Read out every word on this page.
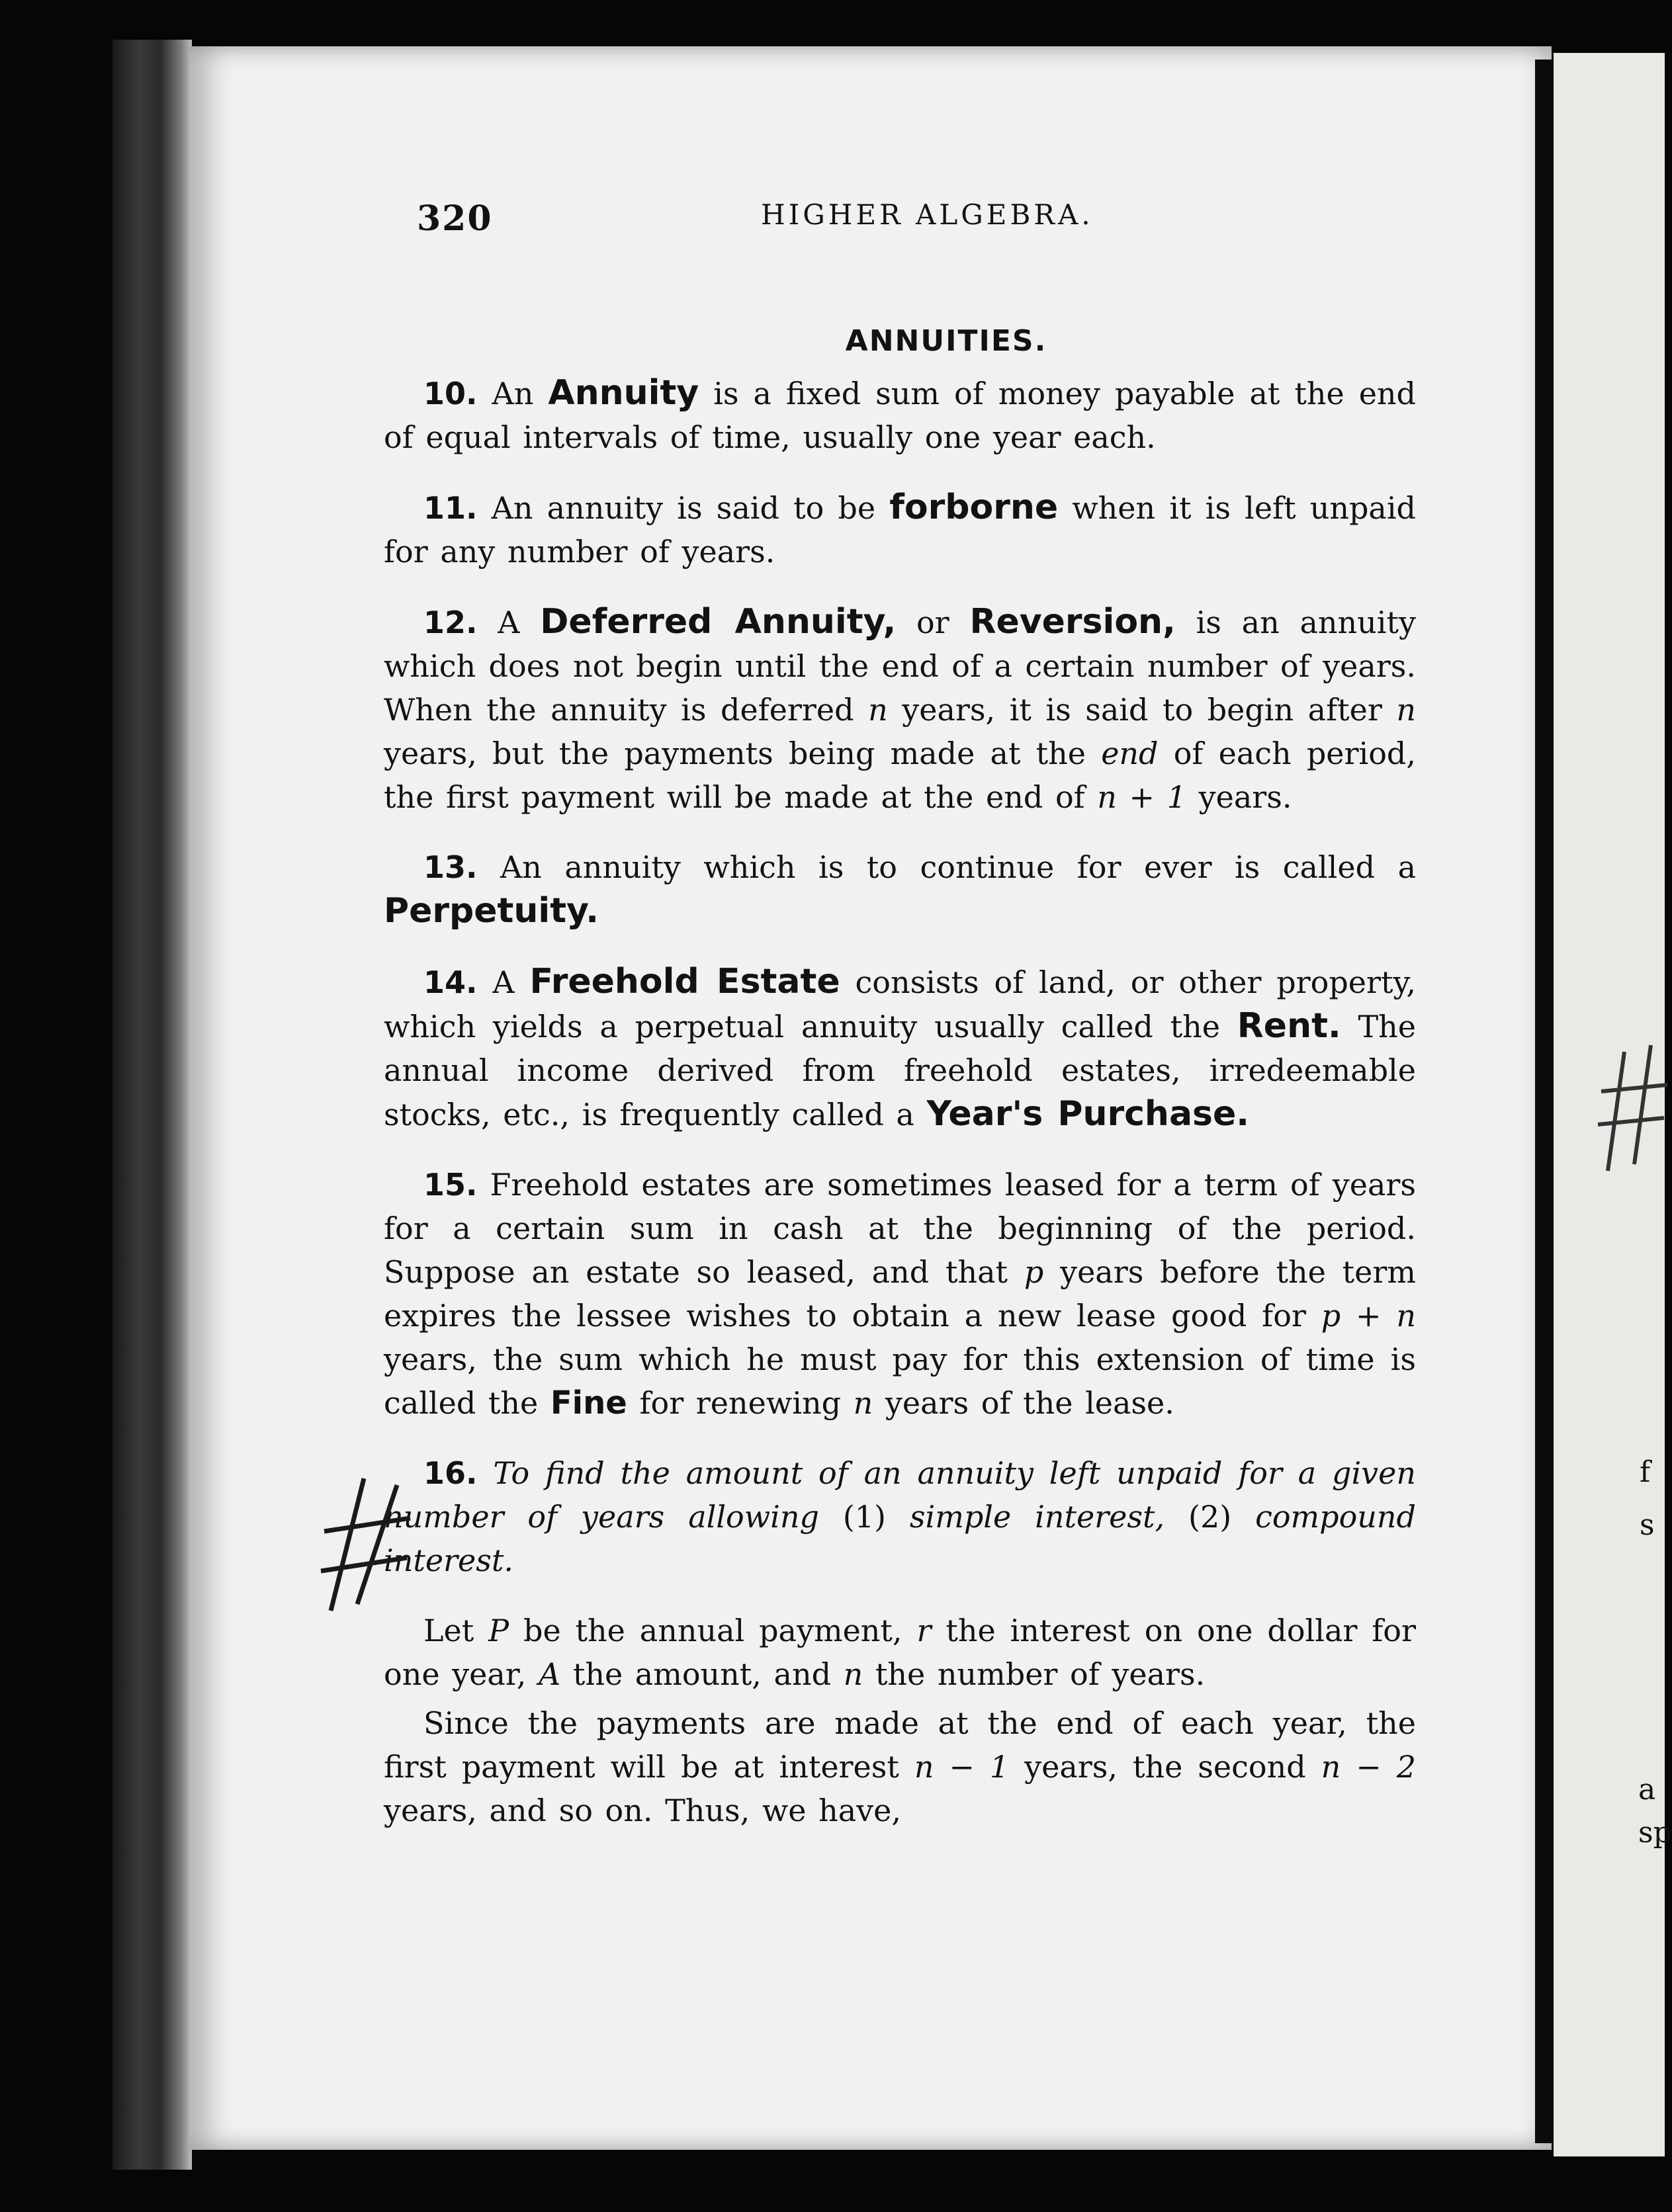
f
s
a
sp
320	HIGHER ALGEBRA.
ANNUITIES.

10. An Annuity is a fixed sum of money payable at the end of equal intervals of time, usually one year each.

11. An annuity is said to be forborne when it is left unpaid for any number of years.

12. A Deferred Annuity, or Reversion, is an annuity which does not begin until the end of a certain number of years. When the annuity is deferred n years, it is said to begin after n years, but the payments being made at the end of each period, the first payment will be made at the end of n + 1 years.

13. An annuity which is to continue for ever is called a Perpetuity.

14. A Freehold Estate consists of land, or other property, which yields a perpetual annuity usually called the Rent. The annual income derived from freehold estates, irredeemable stocks, etc., is frequently called a Year's Purchase.

15. Freehold estates are sometimes leased for a term of years for a certain sum in cash at the beginning of the period. Suppose an estate so leased, and that p years before the term expires the lessee wishes to obtain a new lease good for p + n years, the sum which he must pay for this extension of time is called the Fine for renewing n years of the lease.

16. To find the amount of an annuity left unpaid for a given number of years allowing (1) simple interest, (2) compound interest.

Let P be the annual payment, r the interest on one dollar for one year, A the amount, and n the number of years.

Since the payments are made at the end of each year, the first payment will be at interest n − 1 years, the second n − 2 years, and so on. Thus, we have,
